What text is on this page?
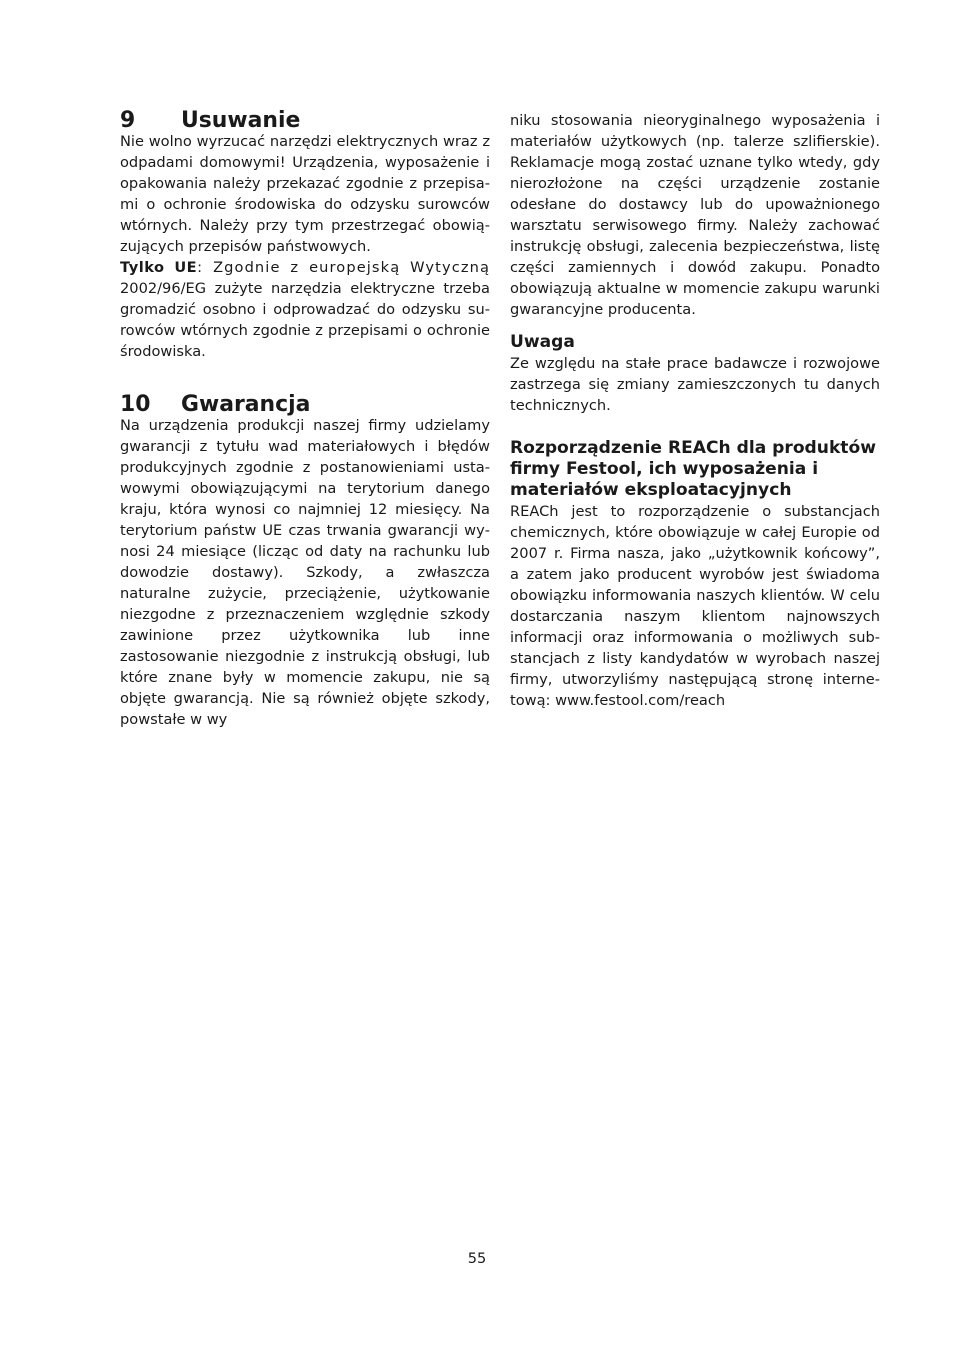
9 Usuwanie

Nie wolno wyrzucać narzędzi elektrycznych wraz z odpadami domowymi! Urządzenia, wyposażenie i opakowania należy przekazać zgodnie z przepisami o ochronie środowiska do odzysku surowców wtórnych. Należy przy tym przestrzegać obowiązujących przepisów państwowych.

Tylko UE: Zgodnie z europejską Wytyczną 2002/96/EG zużyte narzędzia elektryczne trzeba gromadzić osobno i odprowadzać do odzysku surowców wtórnych zgodnie z przepisami o ochronie środowiska.

10 Gwarancja

Na urządzenia produkcji naszej firmy udzielamy gwarancji z tytułu wad materiałowych i błędów produkcyjnych zgodnie z postanowieniami ustawowymi obowiązującymi na terytorium danego kraju, która wynosi co najmniej 12 miesięcy. Na terytorium państw UE czas trwania gwarancji wynosi 24 miesiące (licząc od daty na rachunku lub dowodzie dostawy). Szkody, a zwłaszcza naturalne zużycie, przeciążenie, użytkowanie niezgodne z przeznaczeniem względnie szkody zawinione przez użytkownika lub inne zastosowanie niezgodnie z instrukcją obsługi, lub które znane były w momencie zakupu, nie są objęte gwarancją. Nie są również objęte szkody, powstałe w wy

niku stosowania nieoryginalnego wyposażenia i materiałów użytkowych (np. talerze szlifierskie). Reklamacje mogą zostać uznane tylko wtedy, gdy nierozłożone na części urządzenie zostanie odesłane do dostawcy lub do upoważnionego warsztatu serwisowego firmy. Należy zachować instrukcję obsługi, zalecenia bezpieczeństwa, listę części zamiennych i dowód zakupu. Ponadto obowiązują aktualne w momencie zakupu warunki gwarancyjne producenta.

Uwaga

Ze względu na stałe prace badawcze i rozwojowe zastrzega się zmiany zamieszczonych tu danych technicznych.

Rozporządzenie REACh dla produktów firmy Festool, ich wyposażenia i materiałów eksploatacyjnych

REACh jest to rozporządzenie o substancjach chemicznych, które obowiązuje w całej Europie od 2007 r. Firma nasza, jako „użytkownik końcowy”, a zatem jako producent wyrobów jest świadoma obowiązku informowania naszych klientów. W celu dostarczania naszym klientom najnowszych informacji oraz informowania o możliwych substancjach z listy kandydatów w wyrobach naszej firmy, utworzyliśmy następującą stronę internetową: www.festool.com/reach

55
